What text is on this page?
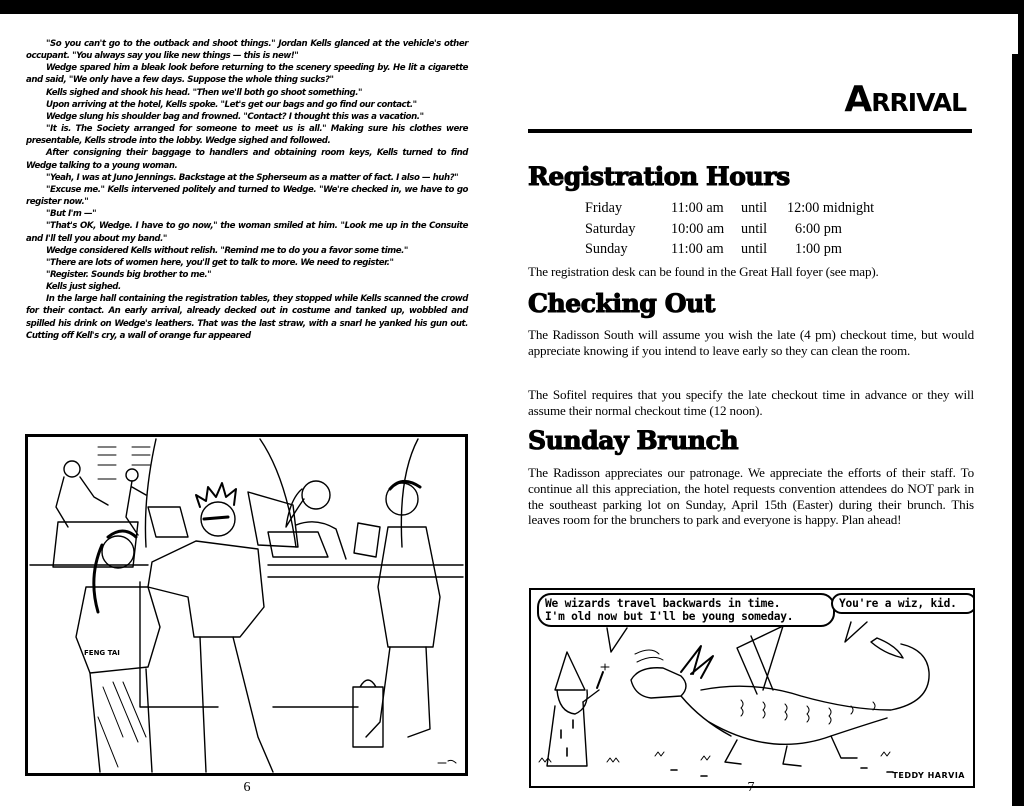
"So you can't go to the outback and shoot things." Jordan Kells glanced at the vehicle's other occupant. "You always say you like new things — this is new!"

Wedge spared him a bleak look before returning to the scenery speeding by. He lit a cigarette and said, "We only have a few days. Suppose the whole thing sucks?"

Kells sighed and shook his head. "Then we'll both go shoot something."

Upon arriving at the hotel, Kells spoke. "Let's get our bags and go find our contact."

Wedge slung his shoulder bag and frowned. "Contact? I thought this was a vacation."

"It is. The Society arranged for someone to meet us is all." Making sure his clothes were presentable, Kells strode into the lobby. Wedge sighed and followed.

After consigning their baggage to handlers and obtaining room keys, Kells turned to find Wedge talking to a young woman.

"Yeah, I was at Juno Jennings. Backstage at the Spherseum as a matter of fact. I also — huh?"

"Excuse me." Kells intervened politely and turned to Wedge. "We're checked in, we have to go register now."

"But I'm —"

"That's OK, Wedge. I have to go now," the woman smiled at him. "Look me up in the Consuite and I'll tell you about my band."

Wedge considered Kells without relish. "Remind me to do you a favor some time."

"There are lots of women here, you'll get to talk to more. We need to register."

"Register. Sounds big brother to me."

Kells just sighed.

In the large hall containing the registration tables, they stopped while Kells scanned the crowd for their contact. An early arrival, already decked out in costume and tanked up, wobbled and spilled his drink on Wedge's leathers. That was the last straw, with a snarl he yanked his gun out. Cutting off Kell's cry, a wall of orange fur appeared

FENG TAI
6
Arrival
Registration Hours
Friday	11:00 am	until	12:00 midnight
Saturday	10:00 am	until	6:00 pm
Sunday	11:00 am	until	1:00 pm
The registration desk can be found in the Great Hall foyer (see map).
Checking Out
The Radisson South will assume you wish the late (4 pm) checkout time, but would appreciate knowing if you intend to leave early so they can clean the room.
The Sofitel requires that you specify the late checkout time in advance or they will assume their normal checkout time (12 noon).
Sunday Brunch
The Radisson appreciates our patronage. We appreciate the efforts of their staff. To continue all this appreciation, the hotel requests convention attendees do NOT park in the southeast parking lot on Sunday, April 15th (Easter) during their brunch. This leaves room for the brunchers to park and everyone is happy. Plan ahead!
We wizards travel backwards in time.
I'm old now but I'll be young someday.
You're a wiz, kid.
TEDDY HARVIA
7
